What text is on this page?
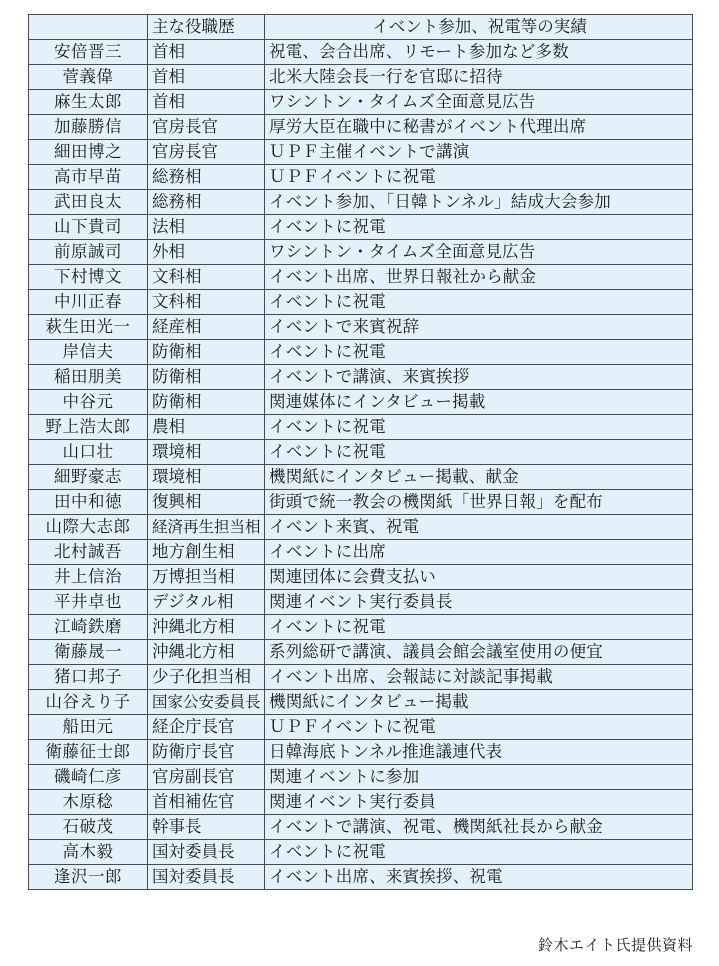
	主な役職歴	イベント参加、祝電等の実績
安倍晋三	首相	祝電、会合出席、リモート参加など多数
菅義偉	首相	北米大陸会長一行を官邸に招待
麻生太郎	首相	ワシントン・タイムズ全面意見広告
加藤勝信	官房長官	厚労大臣在職中に秘書がイベント代理出席
細田博之	官房長官	ＵＰＦ主催イベントで講演
高市早苗	総務相	ＵＰＦイベントに祝電
武田良太	総務相	イベント参加、「日韓トンネル」結成大会参加
山下貴司	法相	イベントに祝電
前原誠司	外相	ワシントン・タイムズ全面意見広告
下村博文	文科相	イベント出席、世界日報社から献金
中川正春	文科相	イベントに祝電
萩生田光一	経産相	イベントで来賓祝辞
岸信夫	防衛相	イベントに祝電
稲田朋美	防衛相	イベントで講演、来賓挨拶
中谷元	防衛相	関連媒体にインタビュー掲載
野上浩太郎	農相	イベントに祝電
山口壮	環境相	イベントに祝電
細野豪志	環境相	機関紙にインタビュー掲載、献金
田中和徳	復興相	街頭で統一教会の機関紙「世界日報」を配布
山際大志郎	経済再生担当相	イベント来賓、祝電
北村誠吾	地方創生相	イベントに出席
井上信治	万博担当相	関連団体に会費支払い
平井卓也	デジタル相	関連イベント実行委員長
江崎鉄磨	沖縄北方相	イベントに祝電
衛藤晟一	沖縄北方相	系列総研で講演、議員会館会議室使用の便宜
猪口邦子	少子化担当相	イベント出席、会報誌に対談記事掲載
山谷えり子	国家公安委員長	機関紙にインタビュー掲載
船田元	経企庁長官	ＵＰＦイベントに祝電
衛藤征士郎	防衛庁長官	日韓海底トンネル推進議連代表
磯崎仁彦	官房副長官	関連イベントに参加
木原稔	首相補佐官	関連イベント実行委員
石破茂	幹事長	イベントで講演、祝電、機関紙社長から献金
高木毅	国対委員長	イベントに祝電
逢沢一郎	国対委員長	イベント出席、来賓挨拶、祝電
鈴木エイト氏提供資料
